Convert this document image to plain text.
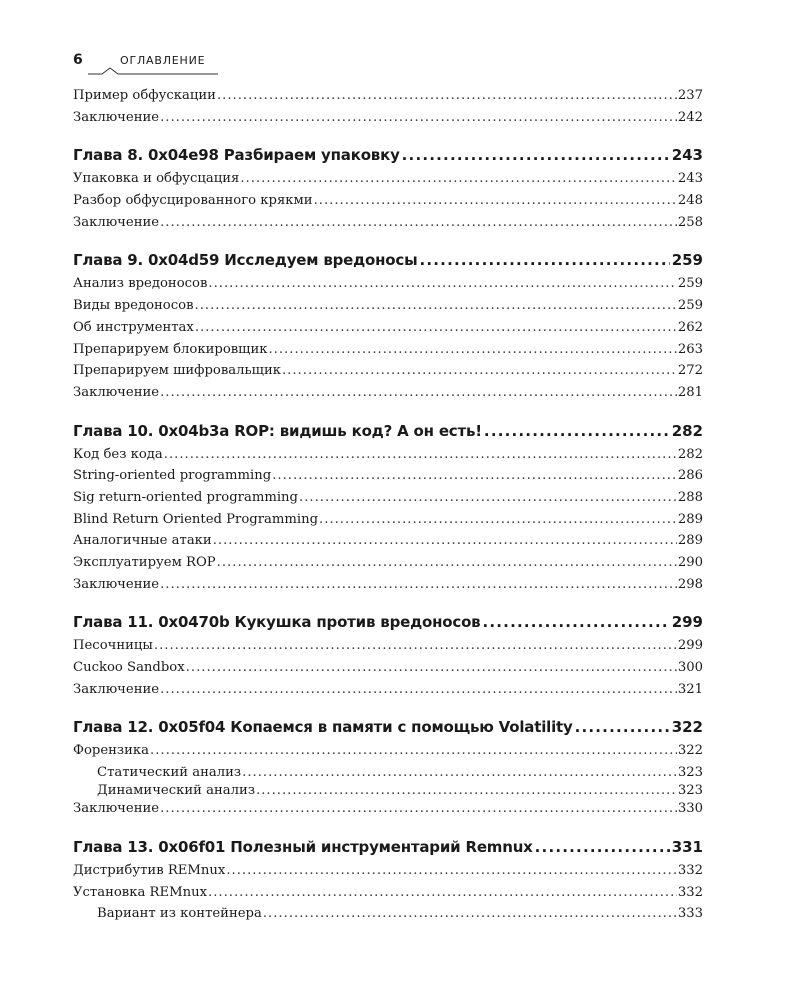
6	ОГЛАВЛЕНИЕ
Пример обфускации .....	237
Заключение .....	242
Глава 8. 0x04e98 Разбираем упаковку .....	243
Упаковка и обфусцация .....	243
Разбор обфусцированного крякми .....	248
Заключение .....	258
Глава 9. 0x04d59 Исследуем вредоносы .....	259
Анализ вредоносов .....	259
Виды вредоносов .....	259
Об инструментах .....	262
Препарируем блокировщик .....	263
Препарируем шифровальщик .....	272
Заключение .....	281
Глава 10. 0x04b3a ROP: видишь код? А он есть! .....	282
Код без кода .....	282
String-oriented programming .....	286
Sig return-oriented programming .....	288
Blind Return Oriented Programming .....	289
Аналогичные атаки .....	289
Эксплуатируем ROP .....	290
Заключение .....	298
Глава 11. 0x0470b Кукушка против вредоносов .....	299
Песочницы .....	299
Cuckoo Sandbox .....	300
Заключение .....	321
Глава 12. 0x05f04 Копаемся в памяти с помощью Volatility .....	322
Форензика .....	322
Статический анализ .....	323
Динамический анализ .....	323
Заключение .....	330
Глава 13. 0x06f01 Полезный инструментарий Remnux .....	331
Дистрибутив REMnux .....	332
Установка REMnux .....	332
Вариант из контейнера .....	333
